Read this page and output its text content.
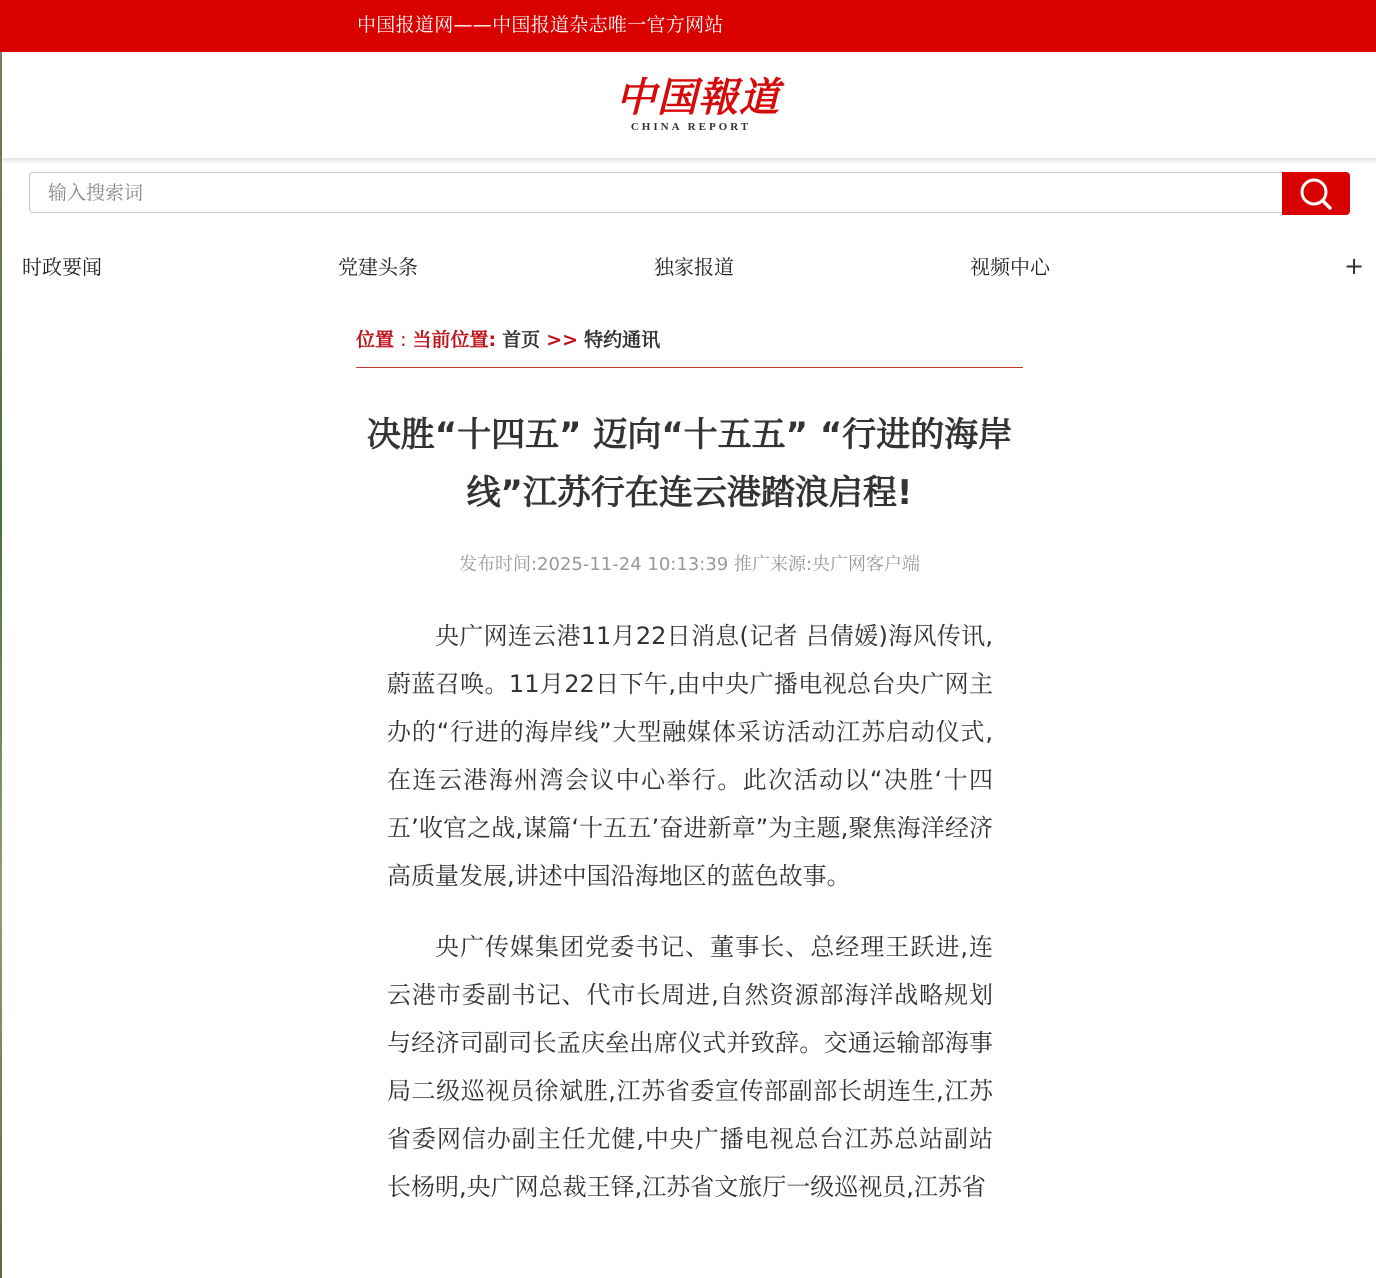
中国报道网——中国报道杂志唯一官方网站
中国報道
CHINA REPORT
输入搜索词
时政要闻	党建头条	独家报道	视频中心	+
位置 : 当前位置: 首页 >> 特约通讯
决胜“十四五” 迈向“十五五” “行进的海岸线”江苏行在连云港踏浪启程!
发布时间:2025-11-24 10:13:39 推广来源:央广网客户端

央广网连云港11月22日消息(记者 吕倩媛)海风传讯,蔚蓝召唤。11月22日下午,由中央广播电视总台央广网主办的“行进的海岸线”大型融媒体采访活动江苏启动仪式,在连云港海州湾会议中心举行。此次活动以“决胜‘十四五’收官之战,谋篇‘十五五’奋进新章”为主题,聚焦海洋经济高质量发展,讲述中国沿海地区的蓝色故事。

央广传媒集团党委书记、董事长、总经理王跃进,连云港市委副书记、代市长周进,自然资源部海洋战略规划与经济司副司长孟庆垒出席仪式并致辞。交通运输部海事局二级巡视员徐斌胜,江苏省委宣传部副部长胡连生,江苏省委网信办副主任尤健,中央广播电视总台江苏总站副站长杨明,央广网总裁王铎,江苏省文旅厅一级巡视员,江苏省
